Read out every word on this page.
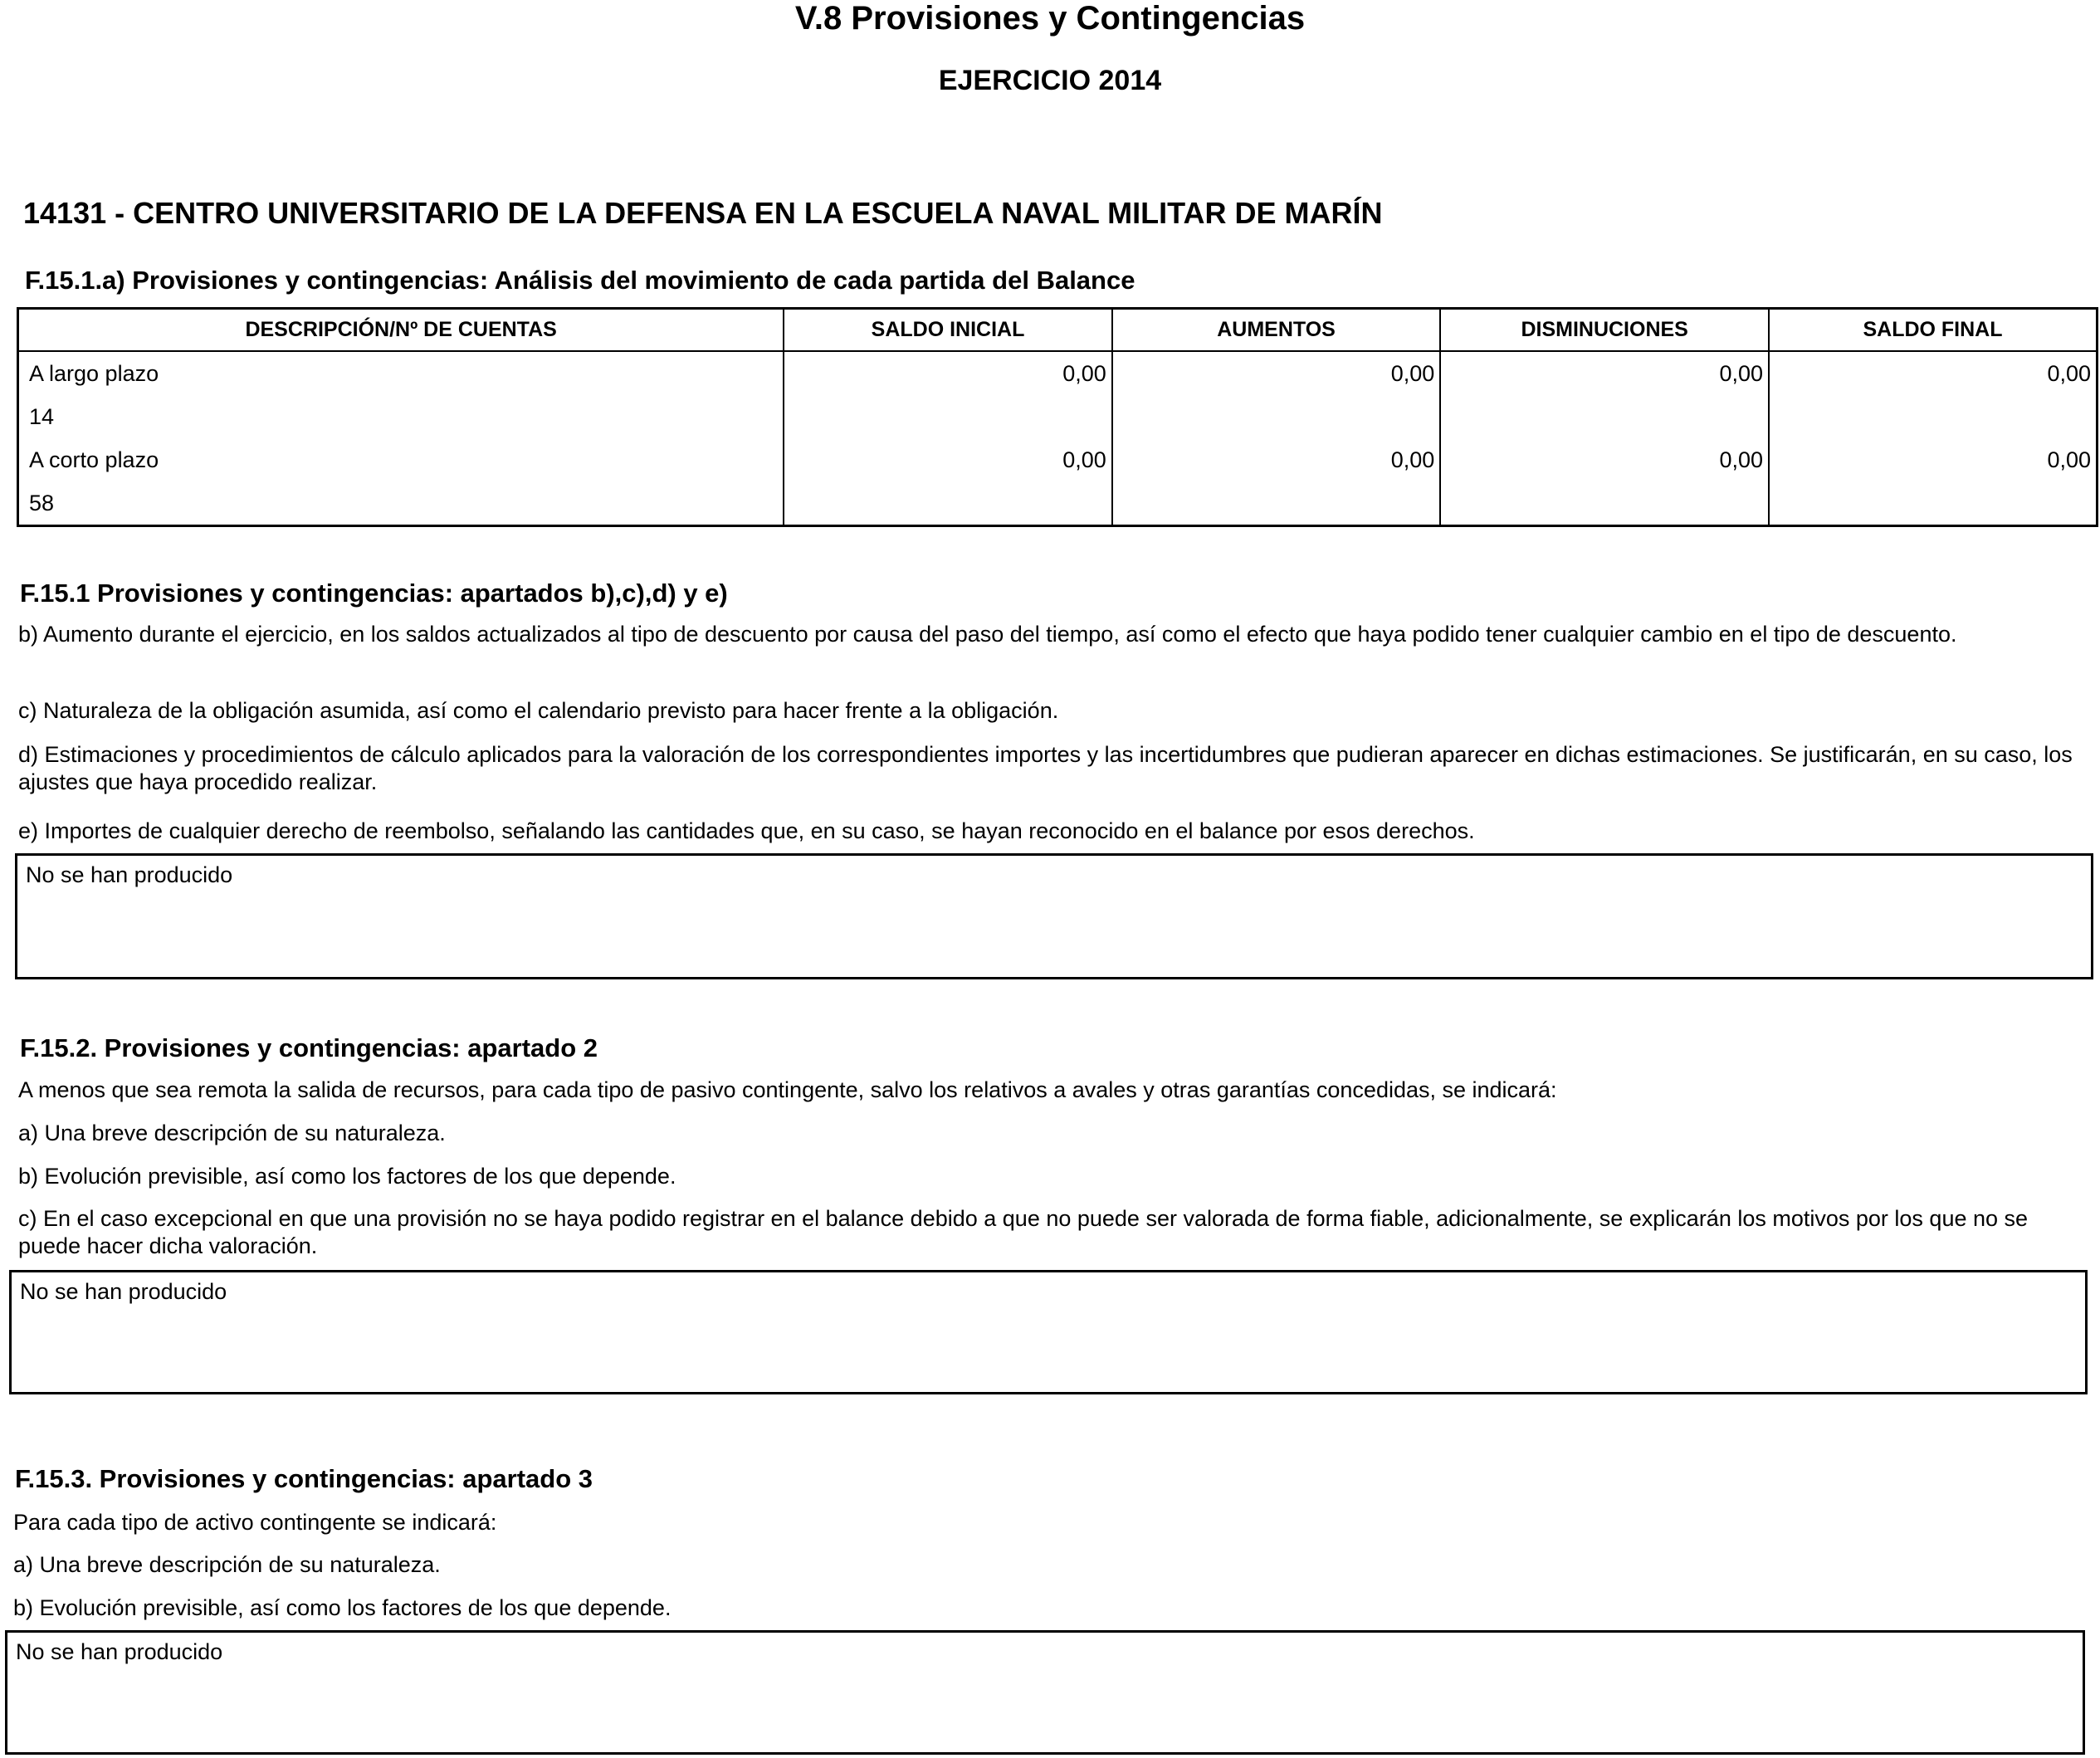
V.8 Provisiones y Contingencias
EJERCICIO 2014
14131 - CENTRO UNIVERSITARIO DE LA DEFENSA EN LA ESCUELA NAVAL MILITAR DE MARÍN
F.15.1.a) Provisiones y contingencias: Análisis del movimiento de cada partida del Balance
DESCRIPCIÓN/Nº DE CUENTAS	SALDO INICIAL	AUMENTOS	DISMINUCIONES	SALDO FINAL
A largo plazo	0,00	0,00	0,00	0,00
14				
A corto plazo	0,00	0,00	0,00	0,00
58				
F.15.1 Provisiones y contingencias: apartados b),c),d) y e)
b) Aumento durante el ejercicio, en los saldos actualizados al tipo de descuento por causa del paso del tiempo, así como el efecto que haya podido tener cualquier cambio en el tipo de descuento.
c) Naturaleza de la obligación asumida, así como el calendario previsto para hacer frente a la obligación.
d) Estimaciones y procedimientos de cálculo aplicados para la valoración de los correspondientes importes y las incertidumbres que pudieran aparecer en dichas estimaciones. Se justificarán, en su caso, los ajustes que haya procedido realizar.
e) Importes de cualquier derecho de reembolso, señalando las cantidades que, en su caso, se hayan reconocido en el balance por esos derechos.
No se han producido
F.15.2. Provisiones y contingencias: apartado 2
A menos que sea remota la salida de recursos, para cada tipo de pasivo contingente, salvo los relativos a avales y otras garantías concedidas, se indicará:
a) Una breve descripción de su naturaleza.
b) Evolución previsible, así como los factores de los que depende.
c) En el caso excepcional en que una provisión no se haya podido registrar en el balance debido a que no puede ser valorada de forma fiable, adicionalmente, se explicarán los motivos por los que no se puede hacer dicha valoración.
No se han producido
F.15.3. Provisiones y contingencias: apartado 3
Para cada tipo de activo contingente se indicará:
a) Una breve descripción de su naturaleza.
b) Evolución previsible, así como los factores de los que depende.
No se han producido
